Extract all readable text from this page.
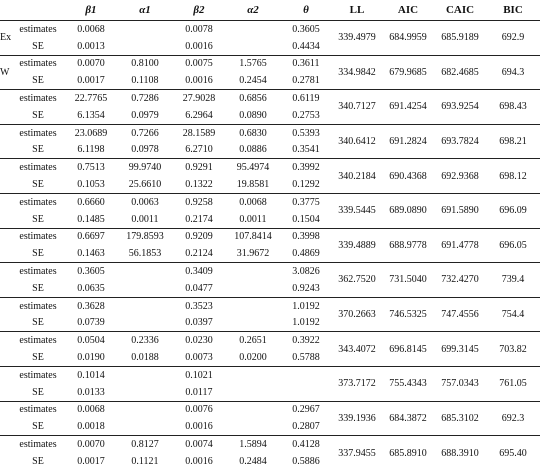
		β1	α1	β2	α2	θ	LL	AIC	CAIC	BIC
Ex	estimates	0.0068		0.0078		0.3605	339.4979	684.9959	685.9189	692.9
	SE	0.0013		0.0016		0.4434				
W	estimates	0.0070	0.8100	0.0075	1.5765	0.3611	334.9842	679.9685	682.4685	694.3
	SE	0.0017	0.1108	0.0016	0.2454	0.2781				
	estimates	22.7765	0.7286	27.9028	0.6856	0.6119	340.7127	691.4254	693.9254	698.43
	SE	6.1354	0.0979	6.2964	0.0890	0.2753				
	estimates	23.0689	0.7266	28.1589	0.6830	0.5393	340.6412	691.2824	693.7824	698.21
	SE	6.1198	0.0978	6.2710	0.0886	0.3541				
	estimates	0.7513	99.9740	0.9291	95.4974	0.3992	340.2184	690.4368	692.9368	698.12
	SE	0.1053	25.6610	0.1322	19.8581	0.1292				
	estimates	0.6660	0.0063	0.9258	0.0068	0.3775	339.5445	689.0890	691.5890	696.09
	SE	0.1485	0.0011	0.2174	0.0011	0.1504				
	estimates	0.6697	179.8593	0.9209	107.8414	0.3998	339.4889	688.9778	691.4778	696.05
	SE	0.1463	56.1853	0.2124	31.9672	0.4869				
	estimates	0.3605		0.3409		3.0826	362.7520	731.5040	732.4270	739.4
	SE	0.0635		0.0477		0.9243				
	estimates	0.3628		0.3523		1.0192	370.2663	746.5325	747.4556	754.4
	SE	0.0739		0.0397		1.0192				
	estimates	0.0504	0.2336	0.0230	0.2651	0.3922	343.4072	696.8145	699.3145	703.82
	SE	0.0190	0.0188	0.0073	0.0200	0.5788				
	estimates	0.1014		0.1021			373.7172	755.4343	757.0343	761.05
	SE	0.0133		0.0117						
	estimates	0.0068		0.0076		0.2967	339.1936	684.3872	685.3102	692.3
	SE	0.0018		0.0016		0.2807				
	estimates	0.0070	0.8127	0.0074	1.5894	0.4128	337.9455	685.8910	688.3910	695.40
	SE	0.0017	0.1121	0.0016	0.2484	0.5886				
